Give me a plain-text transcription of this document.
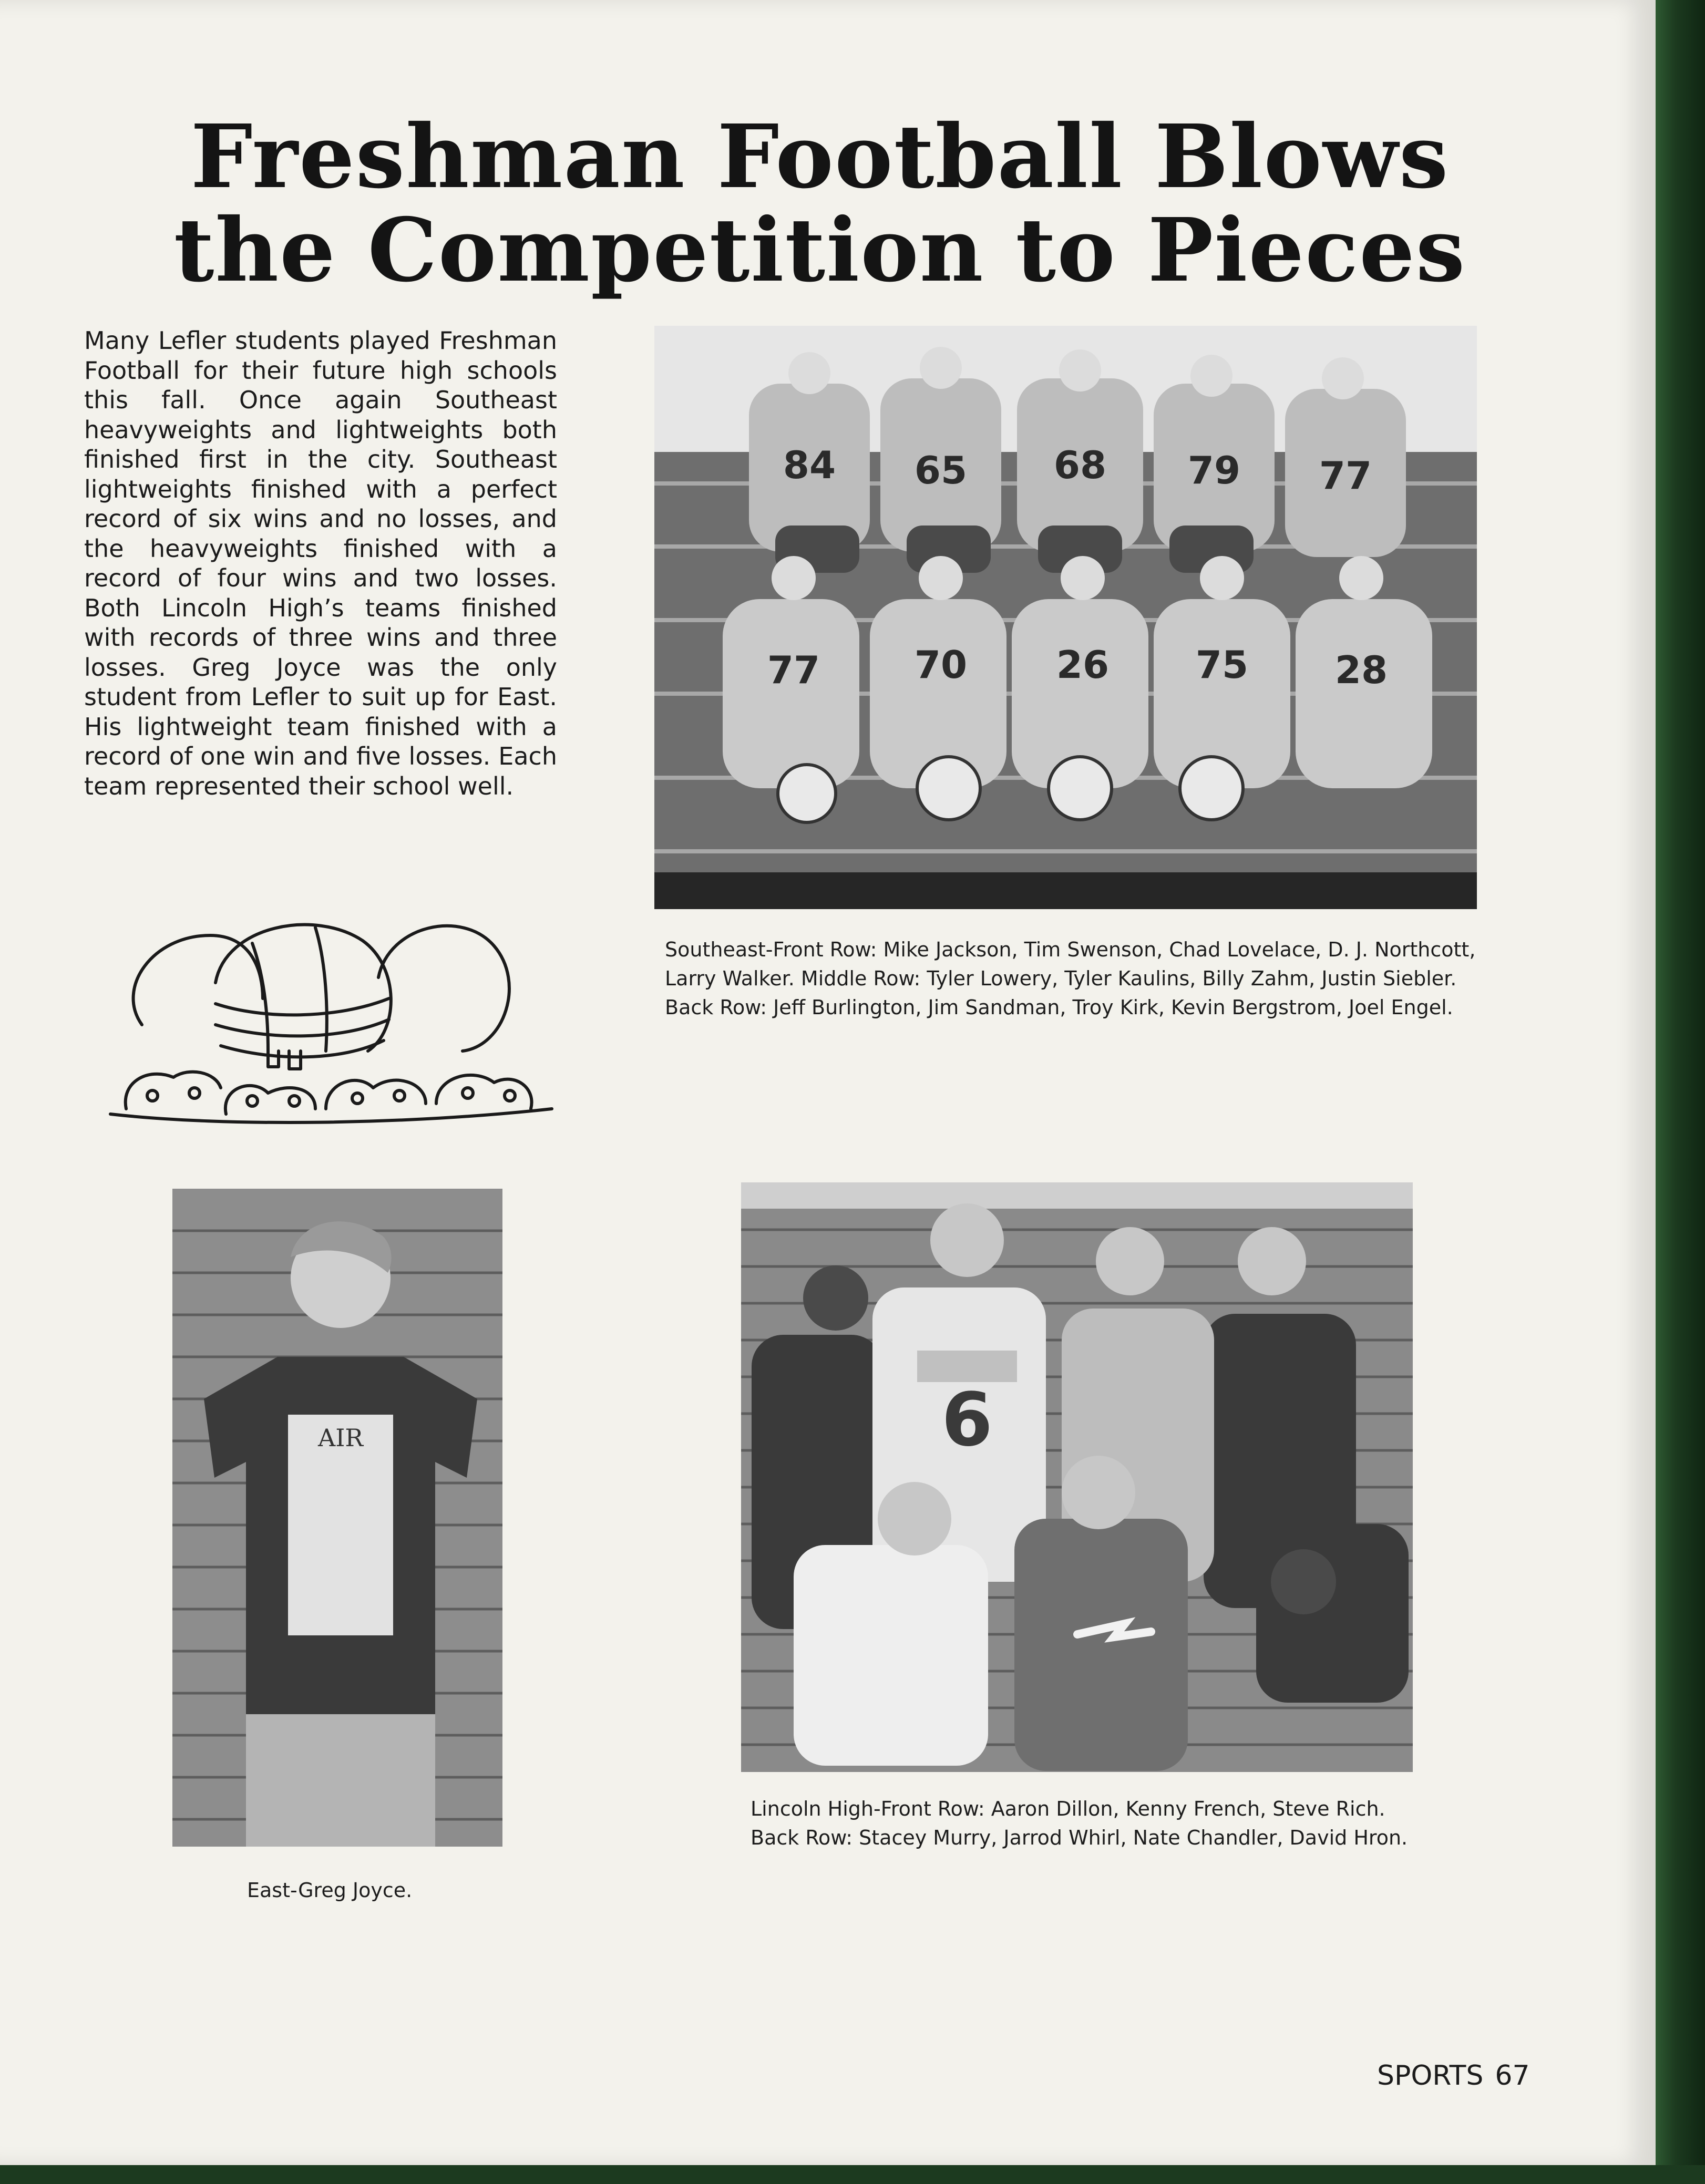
Freshman Football Blows
the Competition to Pieces

Many Lefler students played Freshman Football for their future high schools this fall. Once again Southeast heavyweights and lightweights both finished first in the city. Southeast lightweights finished with a perfect record of six wins and no losses, and the heavyweights finished with a record of four wins and two losses. Both Lincoln High’s teams finished with records of three wins and three losses. Greg Joyce was the only student from Lefler to suit up for East. His lightweight team finished with a record of one win and five losses. Each team represented their school well.

84 65 68 79 77
77 70 26 75 28

Southeast-Front Row: Mike Jackson, Tim Swenson, Chad Lovelace, D. J. Northcott, Larry Walker. Middle Row: Tyler Lowery, Tyler Kaulins, Billy Zahm, Justin Siebler. Back Row: Jeff Burlington, Jim Sandman, Troy Kirk, Kevin Bergstrom, Joel Engel.

AIR

East-Greg Joyce.

6

Lincoln High-Front Row: Aaron Dillon, Kenny French, Steve Rich. Back Row: Stacey Murry, Jarrod Whirl, Nate Chandler, David Hron.

SPORTS 67
